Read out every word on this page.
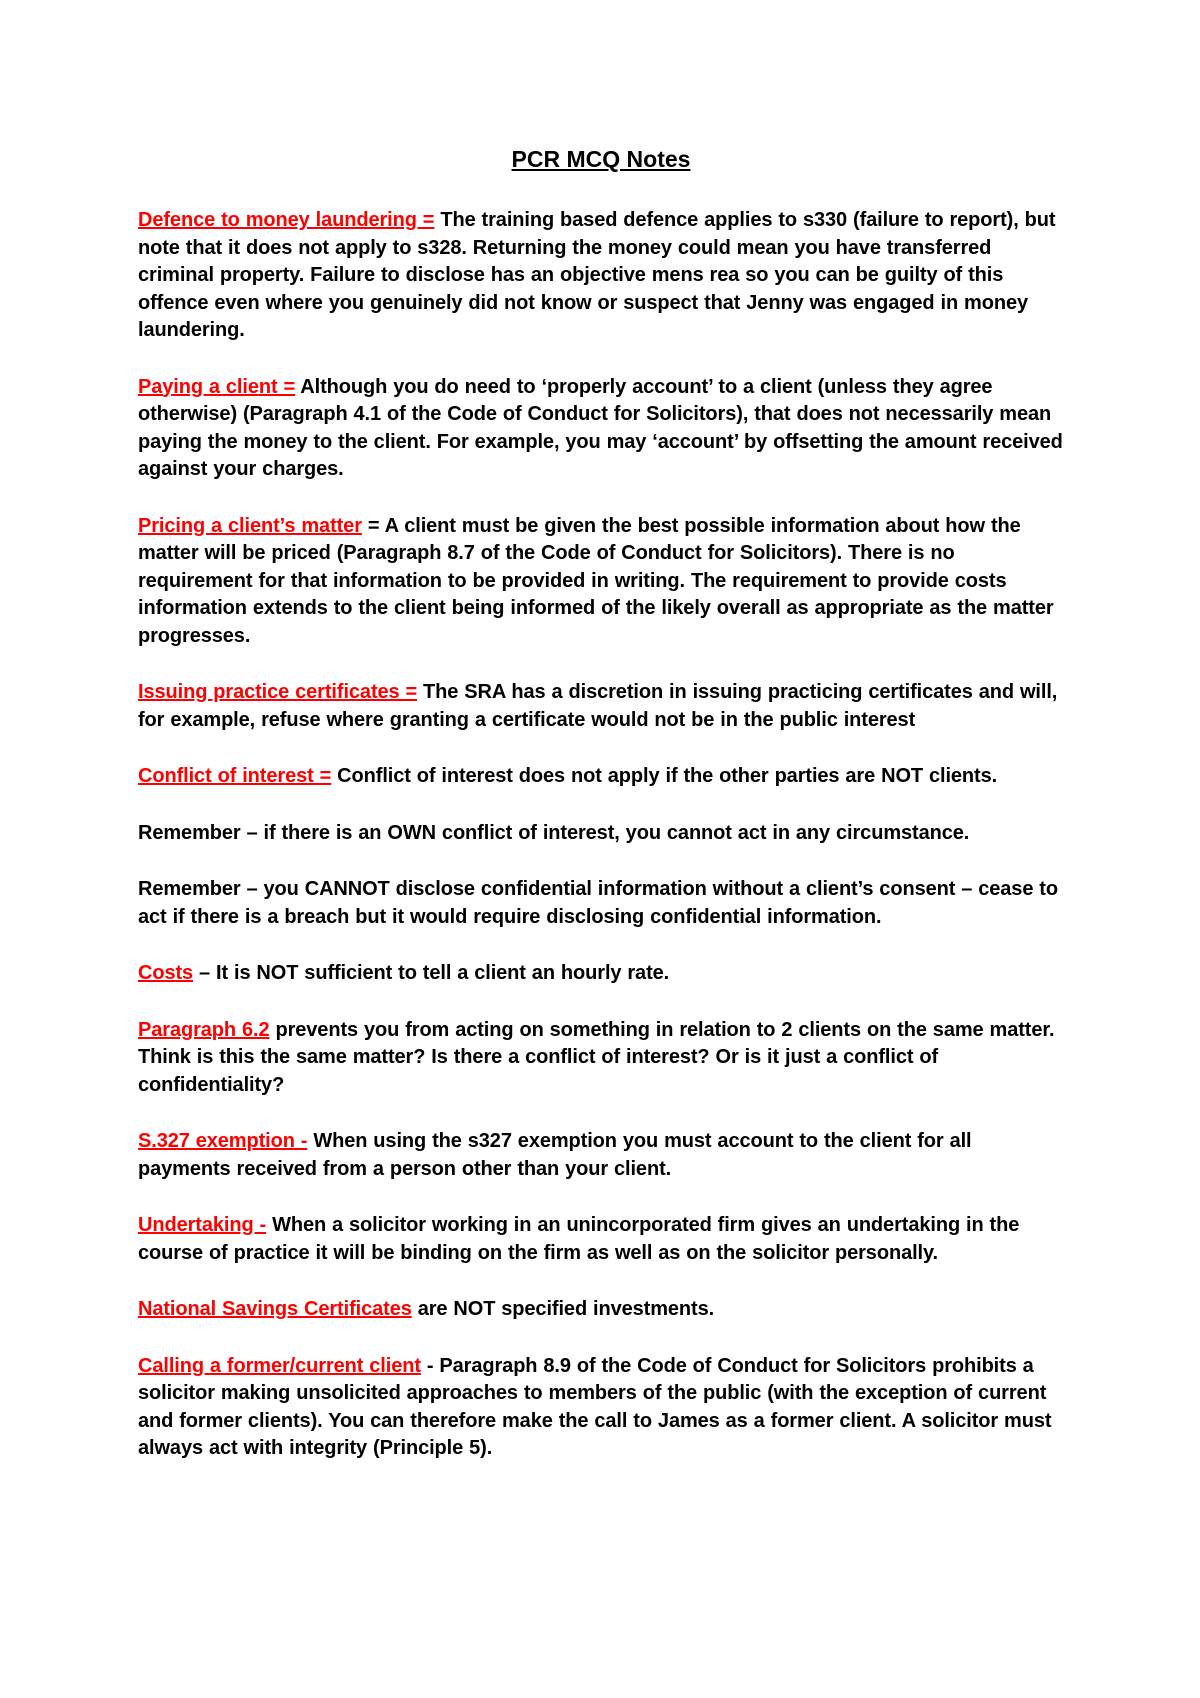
PCR MCQ Notes

Defence to money laundering = The training based defence applies to s330 (failure to report), but note that it does not apply to s328. Returning the money could mean you have transferred criminal property. Failure to disclose has an objective mens rea so you can be guilty of this offence even where you genuinely did not know or suspect that Jenny was engaged in money laundering.

Paying a client = Although you do need to ‘properly account’ to a client (unless they agree otherwise) (Paragraph 4.1 of the Code of Conduct for Solicitors), that does not necessarily mean paying the money to the client. For example, you may ‘account’ by offsetting the amount received against your charges.

Pricing a client’s matter = A client must be given the best possible information about how the matter will be priced (Paragraph 8.7 of the Code of Conduct for Solicitors). There is no requirement for that information to be provided in writing. The requirement to provide costs information extends to the client being informed of the likely overall as appropriate as the matter progresses.

Issuing practice certificates = The SRA has a discretion in issuing practicing certificates and will, for example, refuse where granting a certificate would not be in the public interest

Conflict of interest = Conflict of interest does not apply if the other parties are NOT clients.

Remember – if there is an OWN conflict of interest, you cannot act in any circumstance.

Remember – you CANNOT disclose confidential information without a client’s consent – cease to act if there is a breach but it would require disclosing confidential information.

Costs – It is NOT sufficient to tell a client an hourly rate.

Paragraph 6.2 prevents you from acting on something in relation to 2 clients on the same matter. Think is this the same matter? Is there a conflict of interest? Or is it just a conflict of confidentiality?

S.327 exemption - When using the s327 exemption you must account to the client for all payments received from a person other than your client.

Undertaking - When a solicitor working in an unincorporated firm gives an undertaking in the course of practice it will be binding on the firm as well as on the solicitor personally.

National Savings Certificates are NOT specified investments.

Calling a former/current client - Paragraph 8.9 of the Code of Conduct for Solicitors prohibits a solicitor making unsolicited approaches to members of the public (with the exception of current and former clients). You can therefore make the call to James as a former client. A solicitor must always act with integrity (Principle 5).
